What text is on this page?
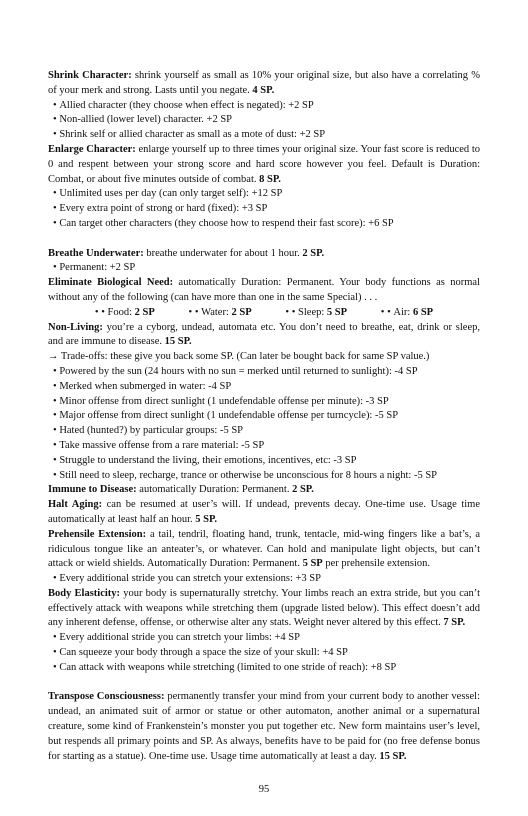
Shrink Character: shrink yourself as small as 10% your original size, but also have a correlating % of your merk and strong. Lasts until you negate. 4 SP.

• Allied character (they choose when effect is negated): +2 SP

• Non-allied (lower level) character. +2 SP

• Shrink self or allied character as small as a mote of dust: +2 SP

Enlarge Character: enlarge yourself up to three times your original size. Your fast score is reduced to 0 and respent between your strong score and hard score however you feel. Default is Duration: Combat, or about five minutes outside of combat. 8 SP.

• Unlimited uses per day (can only target self): +12 SP

• Every extra point of strong or hard (fixed): +3 SP

• Can target other characters (they choose how to respend their fast score): +6 SP

Breathe Underwater: breathe underwater for about 1 hour. 2 SP.

• Permanent: +2 SP

Eliminate Biological Need: automatically Duration: Permanent. Your body functions as normal without any of the following (can have more than one in the same Special) . . .

• • Food: 2 SP	• • Water: 2 SP	• • Sleep: 5 SP	• • Air: 6 SP

Non-Living: you’re a cyborg, undead, automata etc. You don’t need to breathe, eat, drink or sleep, and are immune to disease. 15 SP.

→ Trade-offs: these give you back some SP. (Can later be bought back for same SP value.)

• Powered by the sun (24 hours with no sun = merked until returned to sunlight): -4 SP

• Merked when submerged in water: -4 SP

• Minor offense from direct sunlight (1 undefendable offense per minute): -3 SP

• Major offense from direct sunlight (1 undefendable offense per turncycle): -5 SP

• Hated (hunted?) by particular groups: -5 SP

• Take massive offense from a rare material: -5 SP

• Struggle to understand the living, their emotions, incentives, etc: -3 SP

• Still need to sleep, recharge, trance or otherwise be unconscious for 8 hours a night: -5 SP

Immune to Disease: automatically Duration: Permanent. 2 SP.

Halt Aging: can be resumed at user’s will. If undead, prevents decay. One-time use. Usage time automatically at least half an hour. 5 SP.

Prehensile Extension: a tail, tendril, floating hand, trunk, tentacle, mid-wing fingers like a bat’s, a ridiculous tongue like an anteater’s, or whatever. Can hold and manipulate light objects, but can’t attack or wield shields. Automatically Duration: Permanent. 5 SP per prehensile extension.

• Every additional stride you can stretch your extensions: +3 SP

Body Elasticity: your body is supernaturally stretchy. Your limbs reach an extra stride, but you can’t effectively attack with weapons while stretching them (upgrade listed below). This effect doesn’t add any inherent defense, offense, or otherwise alter any stats. Weight never altered by this effect. 7 SP.

• Every additional stride you can stretch your limbs: +4 SP

• Can squeeze your body through a space the size of your skull: +4 SP

• Can attack with weapons while stretching (limited to one stride of reach): +8 SP

Transpose Consciousness: permanently transfer your mind from your current body to another vessel: undead, an animated suit of armor or statue or other automaton, another animal or a supernatural creature, some kind of Frankenstein’s monster you put together etc. New form maintains user’s level, but respends all primary points and SP. As always, benefits have to be paid for (no free defense bonus for starting as a statue). One-time use. Usage time automatically at least a day. 15 SP.

95
